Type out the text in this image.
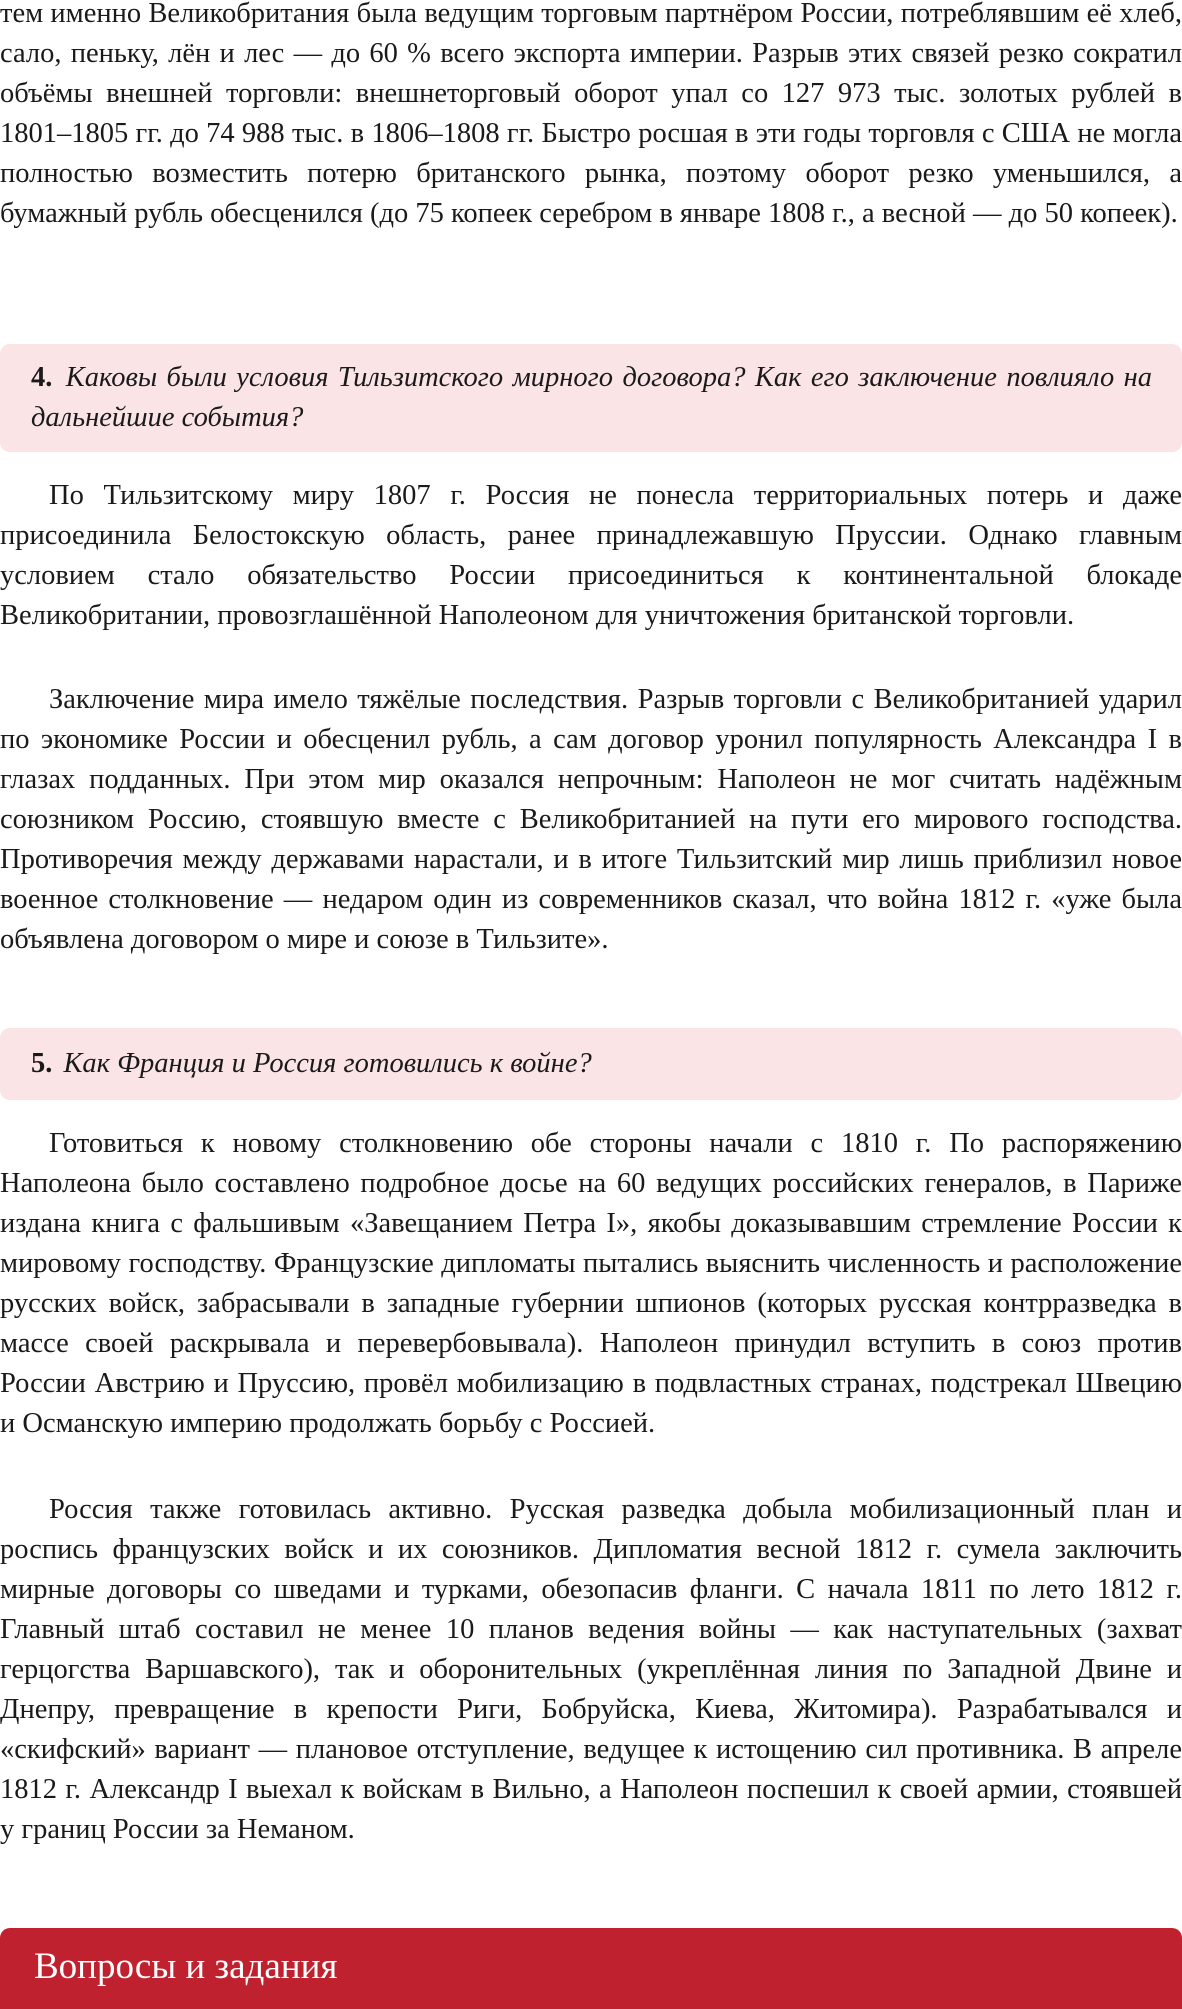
тем именно Великобритания была ведущим торговым партнёром России, потреблявшим её хлеб, сало, пеньку, лён и лес — до 60 % всего экспорта империи. Разрыв этих связей резко сократил объёмы внешней торговли: внешнеторговый оборот упал со 127 973 тыс. золотых рублей в 1801–1805 гг. до 74 988 тыс. в 1806–1808 гг. Быстро росшая в эти годы торговля с США не могла полностью возместить потерю британского рынка, поэтому оборот резко уменьшился, а бумажный рубль обесценился (до 75 копеек серебром в январе 1808 г., а весной — до 50 копеек).

4. Каковы были условия Тильзитского мирного договора? Как его заключение повлияло на дальнейшие события?

По Тильзитскому миру 1807 г. Россия не понесла территориальных потерь и даже присоединила Белостокскую область, ранее принадлежавшую Пруссии. Однако главным условием стало обязательство России присоединиться к континентальной блокаде Великобритании, провозглашённой Наполеоном для уничтожения британской торговли.

Заключение мира имело тяжёлые последствия. Разрыв торговли с Великобританией ударил по экономике России и обесценил рубль, а сам договор уронил популярность Александра I в глазах подданных. При этом мир оказался непрочным: Наполеон не мог считать надёжным союзником Россию, стоявшую вместе с Великобританией на пути его мирового господства. Противоречия между державами нарастали, и в итоге Тильзитский мир лишь приблизил новое военное столкновение — недаром один из современников сказал, что война 1812 г. «уже была объявлена договором о мире и союзе в Тильзите».

5. Как Франция и Россия готовились к войне?

Готовиться к новому столкновению обе стороны начали с 1810 г. По распоряжению Наполеона было составлено подробное досье на 60 ведущих российских генералов, в Париже издана книга с фальшивым «Завещанием Петра I», якобы доказывавшим стремление России к мировому господству. Французские дипломаты пытались выяснить численность и расположение русских войск, забрасывали в западные губернии шпионов (которых русская контрразведка в массе своей раскрывала и перевербовывала). Наполеон принудил вступить в союз против России Австрию и Пруссию, провёл мобилизацию в подвластных странах, подстрекал Швецию и Османскую империю продолжать борьбу с Россией.

Россия также готовилась активно. Русская разведка добыла мобилизационный план и роспись французских войск и их союзников. Дипломатия весной 1812 г. сумела заключить мирные договоры со шведами и турками, обезопасив фланги. С начала 1811 по лето 1812 г. Главный штаб составил не менее 10 планов ведения войны — как наступательных (захват герцогства Варшавского), так и оборонительных (укреплённая линия по Западной Двине и Днепру, превращение в крепости Риги, Бобруйска, Киева, Житомира). Разрабатывался и «скифский» вариант — плановое отступление, ведущее к истощению сил противника. В апреле 1812 г. Александр I выехал к войскам в Вильно, а Наполеон поспешил к своей армии, стоявшей у границ России за Неманом.

Вопросы и задания
